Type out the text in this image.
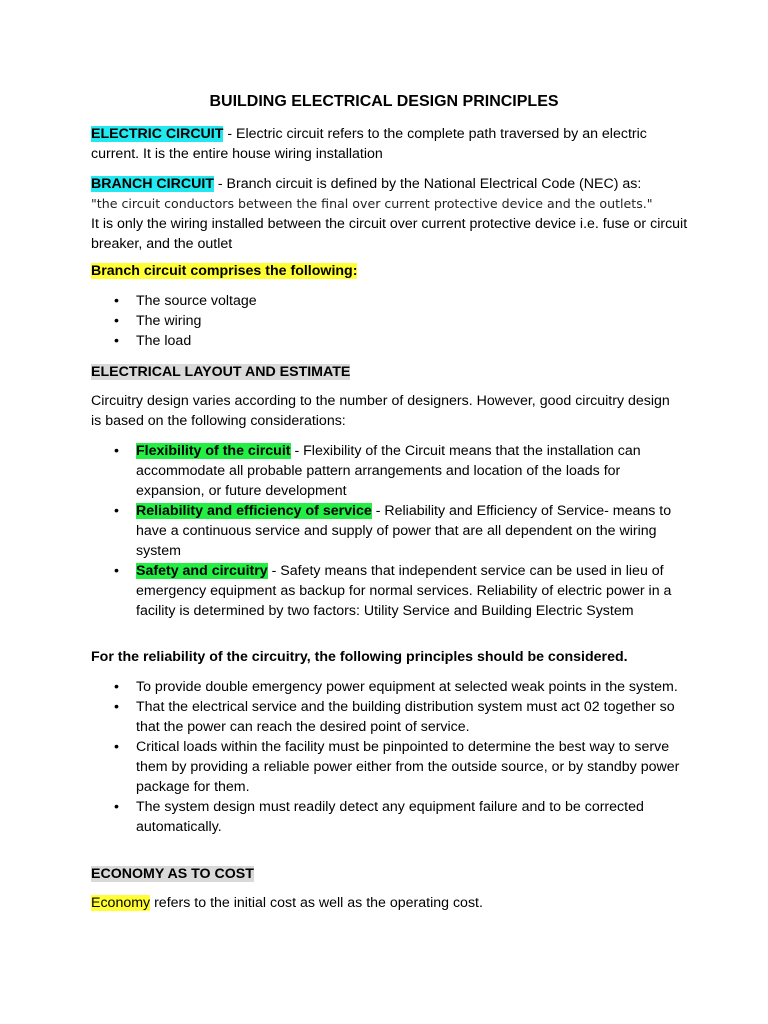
BUILDING ELECTRICAL DESIGN PRINCIPLES
ELECTRIC CIRCUIT - Electric circuit refers to the complete path traversed by an electric current. It is the entire house wiring installation
BRANCH CIRCUIT - Branch circuit is defined by the National Electrical Code (NEC) as:
"the circuit conductors between the final over current protective device and the outlets."
It is only the wiring installed between the circuit over current protective device i.e. fuse or circuit breaker, and the outlet
Branch circuit comprises the following:
• The source voltage
• The wiring
• The load
ELECTRICAL LAYOUT AND ESTIMATE
Circuitry design varies according to the number of designers. However, good circuitry design is based on the following considerations:
• Flexibility of the circuit - Flexibility of the Circuit means that the installation can accommodate all probable pattern arrangements and location of the loads for expansion, or future development
• Reliability and efficiency of service - Reliability and Efficiency of Service- means to have a continuous service and supply of power that are all dependent on the wiring system
• Safety and circuitry - Safety means that independent service can be used in lieu of emergency equipment as backup for normal services. Reliability of electric power in a facility is determined by two factors: Utility Service and Building Electric System
For the reliability of the circuitry, the following principles should be considered.
• To provide double emergency power equipment at selected weak points in the system.
• That the electrical service and the building distribution system must act 02 together so that the power can reach the desired point of service.
• Critical loads within the facility must be pinpointed to determine the best way to serve them by providing a reliable power either from the outside source, or by standby power package for them.
• The system design must readily detect any equipment failure and to be corrected automatically.
ECONOMY AS TO COST
Economy refers to the initial cost as well as the operating cost.
